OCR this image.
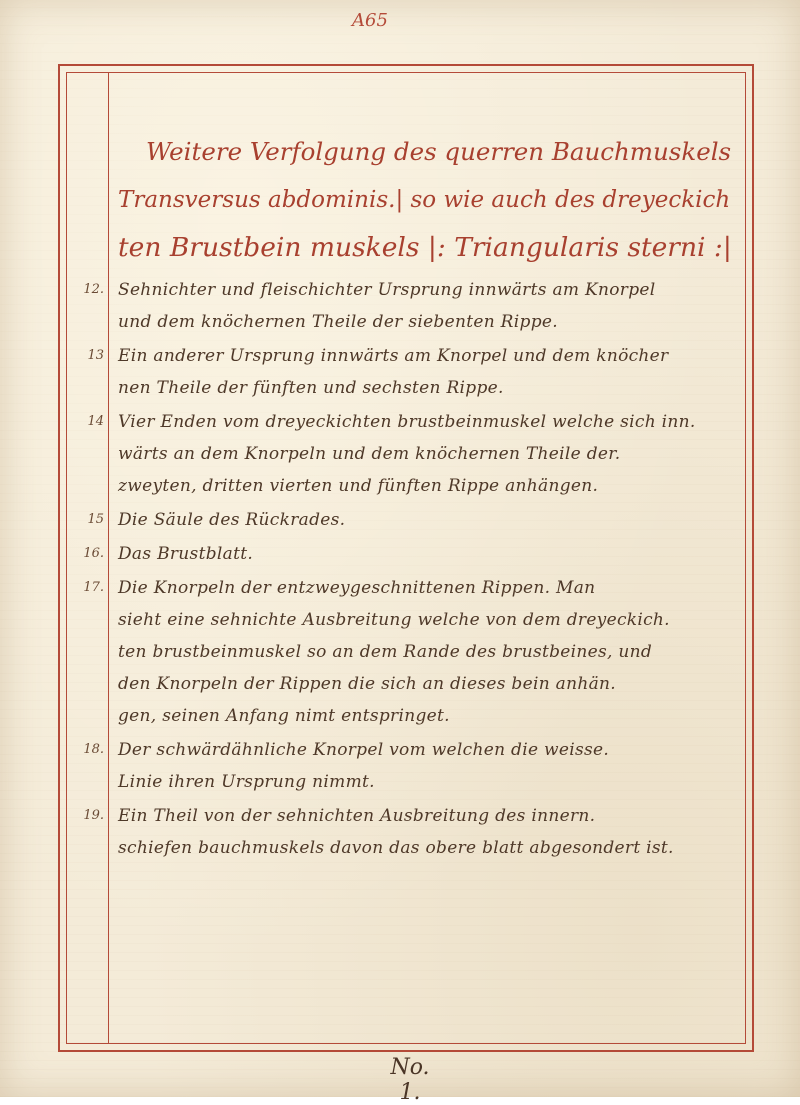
A65
Weitere Verfolgung des querren Bauchmuskels
Transversus abdominis.| so wie auch des dreyeckich
ten Brustbein muskels |: Triangularis sterni :|
12. Sehnichter und fleischichter Ursprung innwärts am Knorpel
und dem knöchernen Theile der siebenten Rippe.
13 Ein anderer Ursprung innwärts am Knorpel und dem knöcher
nen Theile der fünften und sechsten Rippe.
14 Vier Enden vom dreyeckichten brustbeinmuskel welche sich inn.
wärts an dem Knorpeln und dem knöchernen Theile der.
zweyten, dritten vierten und fünften Rippe anhängen.
15 Die Säule des Rückrades.
16. Das Brustblatt.
17. Die Knorpeln der entzweygeschnittenen Rippen. Man
sieht eine sehnichte Ausbreitung welche von dem dreyeckich.
ten brustbeinmuskel so an dem Rande des brustbeines, und
den Knorpeln der Rippen die sich an dieses bein anhän.
gen, seinen Anfang nimt entspringet.
18. Der schwärdähnliche Knorpel vom welchen die weisse.
Linie ihren Ursprung nimmt.
19. Ein Theil von der sehnichten Ausbreitung des innern.
schiefen bauchmuskels davon das obere blatt abgesondert ist.
No. 1.
